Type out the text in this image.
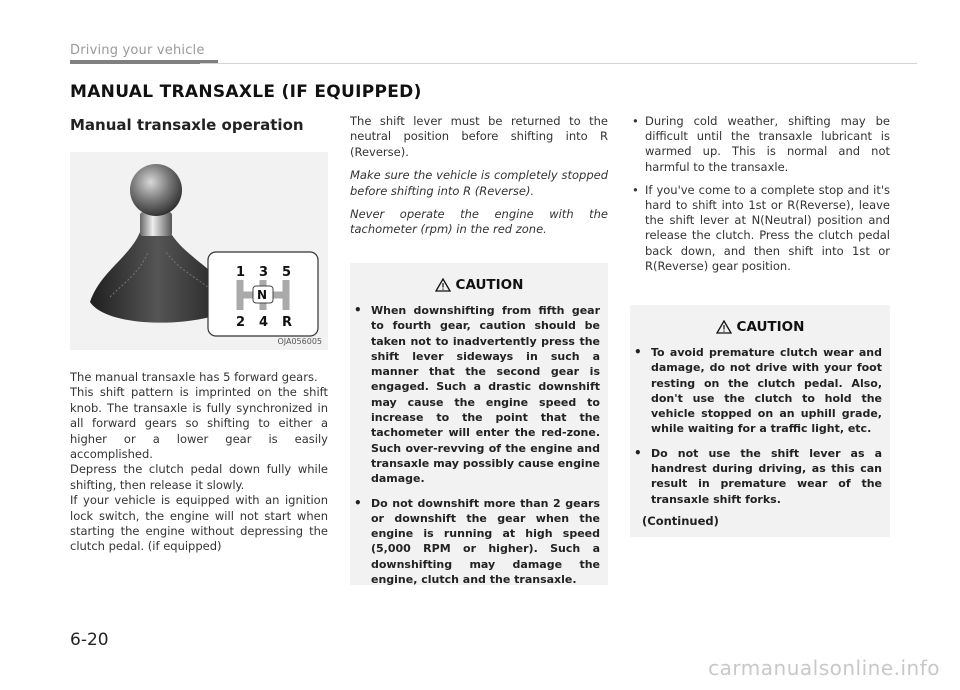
Driving your vehicle
MANUAL TRANSAXLE (IF EQUIPPED)
Manual transaxle operation
1 3 5
N
2 4 R
OJA056005

The manual transaxle has 5 forward gears.

This shift pattern is imprinted on the shift knob. The transaxle is fully synchronized in all forward gears so shifting to either a higher or a lower gear is easily accomplished.

Depress the clutch pedal down fully while shifting, then release it slowly.

If your vehicle is equipped with an ignition lock switch, the engine will not start when starting the engine without depressing the clutch pedal. (if equipped)

The shift lever must be returned to the neutral position before shifting into R (Reverse).

Make sure the vehicle is completely stopped before shifting into R (Reverse).

Never operate the engine with the tachometer (rpm) in the red zone.

CAUTION
• When downshifting from fifth gear to fourth gear, caution should be taken not to inadvertently press the shift lever sideways in such a manner that the second gear is engaged. Such a drastic downshift may cause the engine speed to increase to the point that the tachometer will enter the red-zone. Such over-revving of the engine and transaxle may possibly cause engine damage.
• Do not downshift more than 2 gears or downshift the gear when the engine is running at high speed (5,000 RPM or higher). Such a downshifting may damage the engine, clutch and the transaxle.
• During cold weather, shifting may be difficult until the transaxle lubricant is warmed up. This is normal and not harmful to the transaxle.
• If you've come to a complete stop and it's hard to shift into 1st or R(Reverse), leave the shift lever at N(Neutral) position and release the clutch. Press the clutch pedal back down, and then shift into 1st or R(Reverse) gear position.
CAUTION
• To avoid premature clutch wear and damage, do not drive with your foot resting on the clutch pedal. Also, don't use the clutch to hold the vehicle stopped on an uphill grade, while waiting for a traffic light, etc.
• Do not use the shift lever as a handrest during driving, as this can result in premature wear of the transaxle shift forks.
(Continued)
6-20
carmanualsonline.info
